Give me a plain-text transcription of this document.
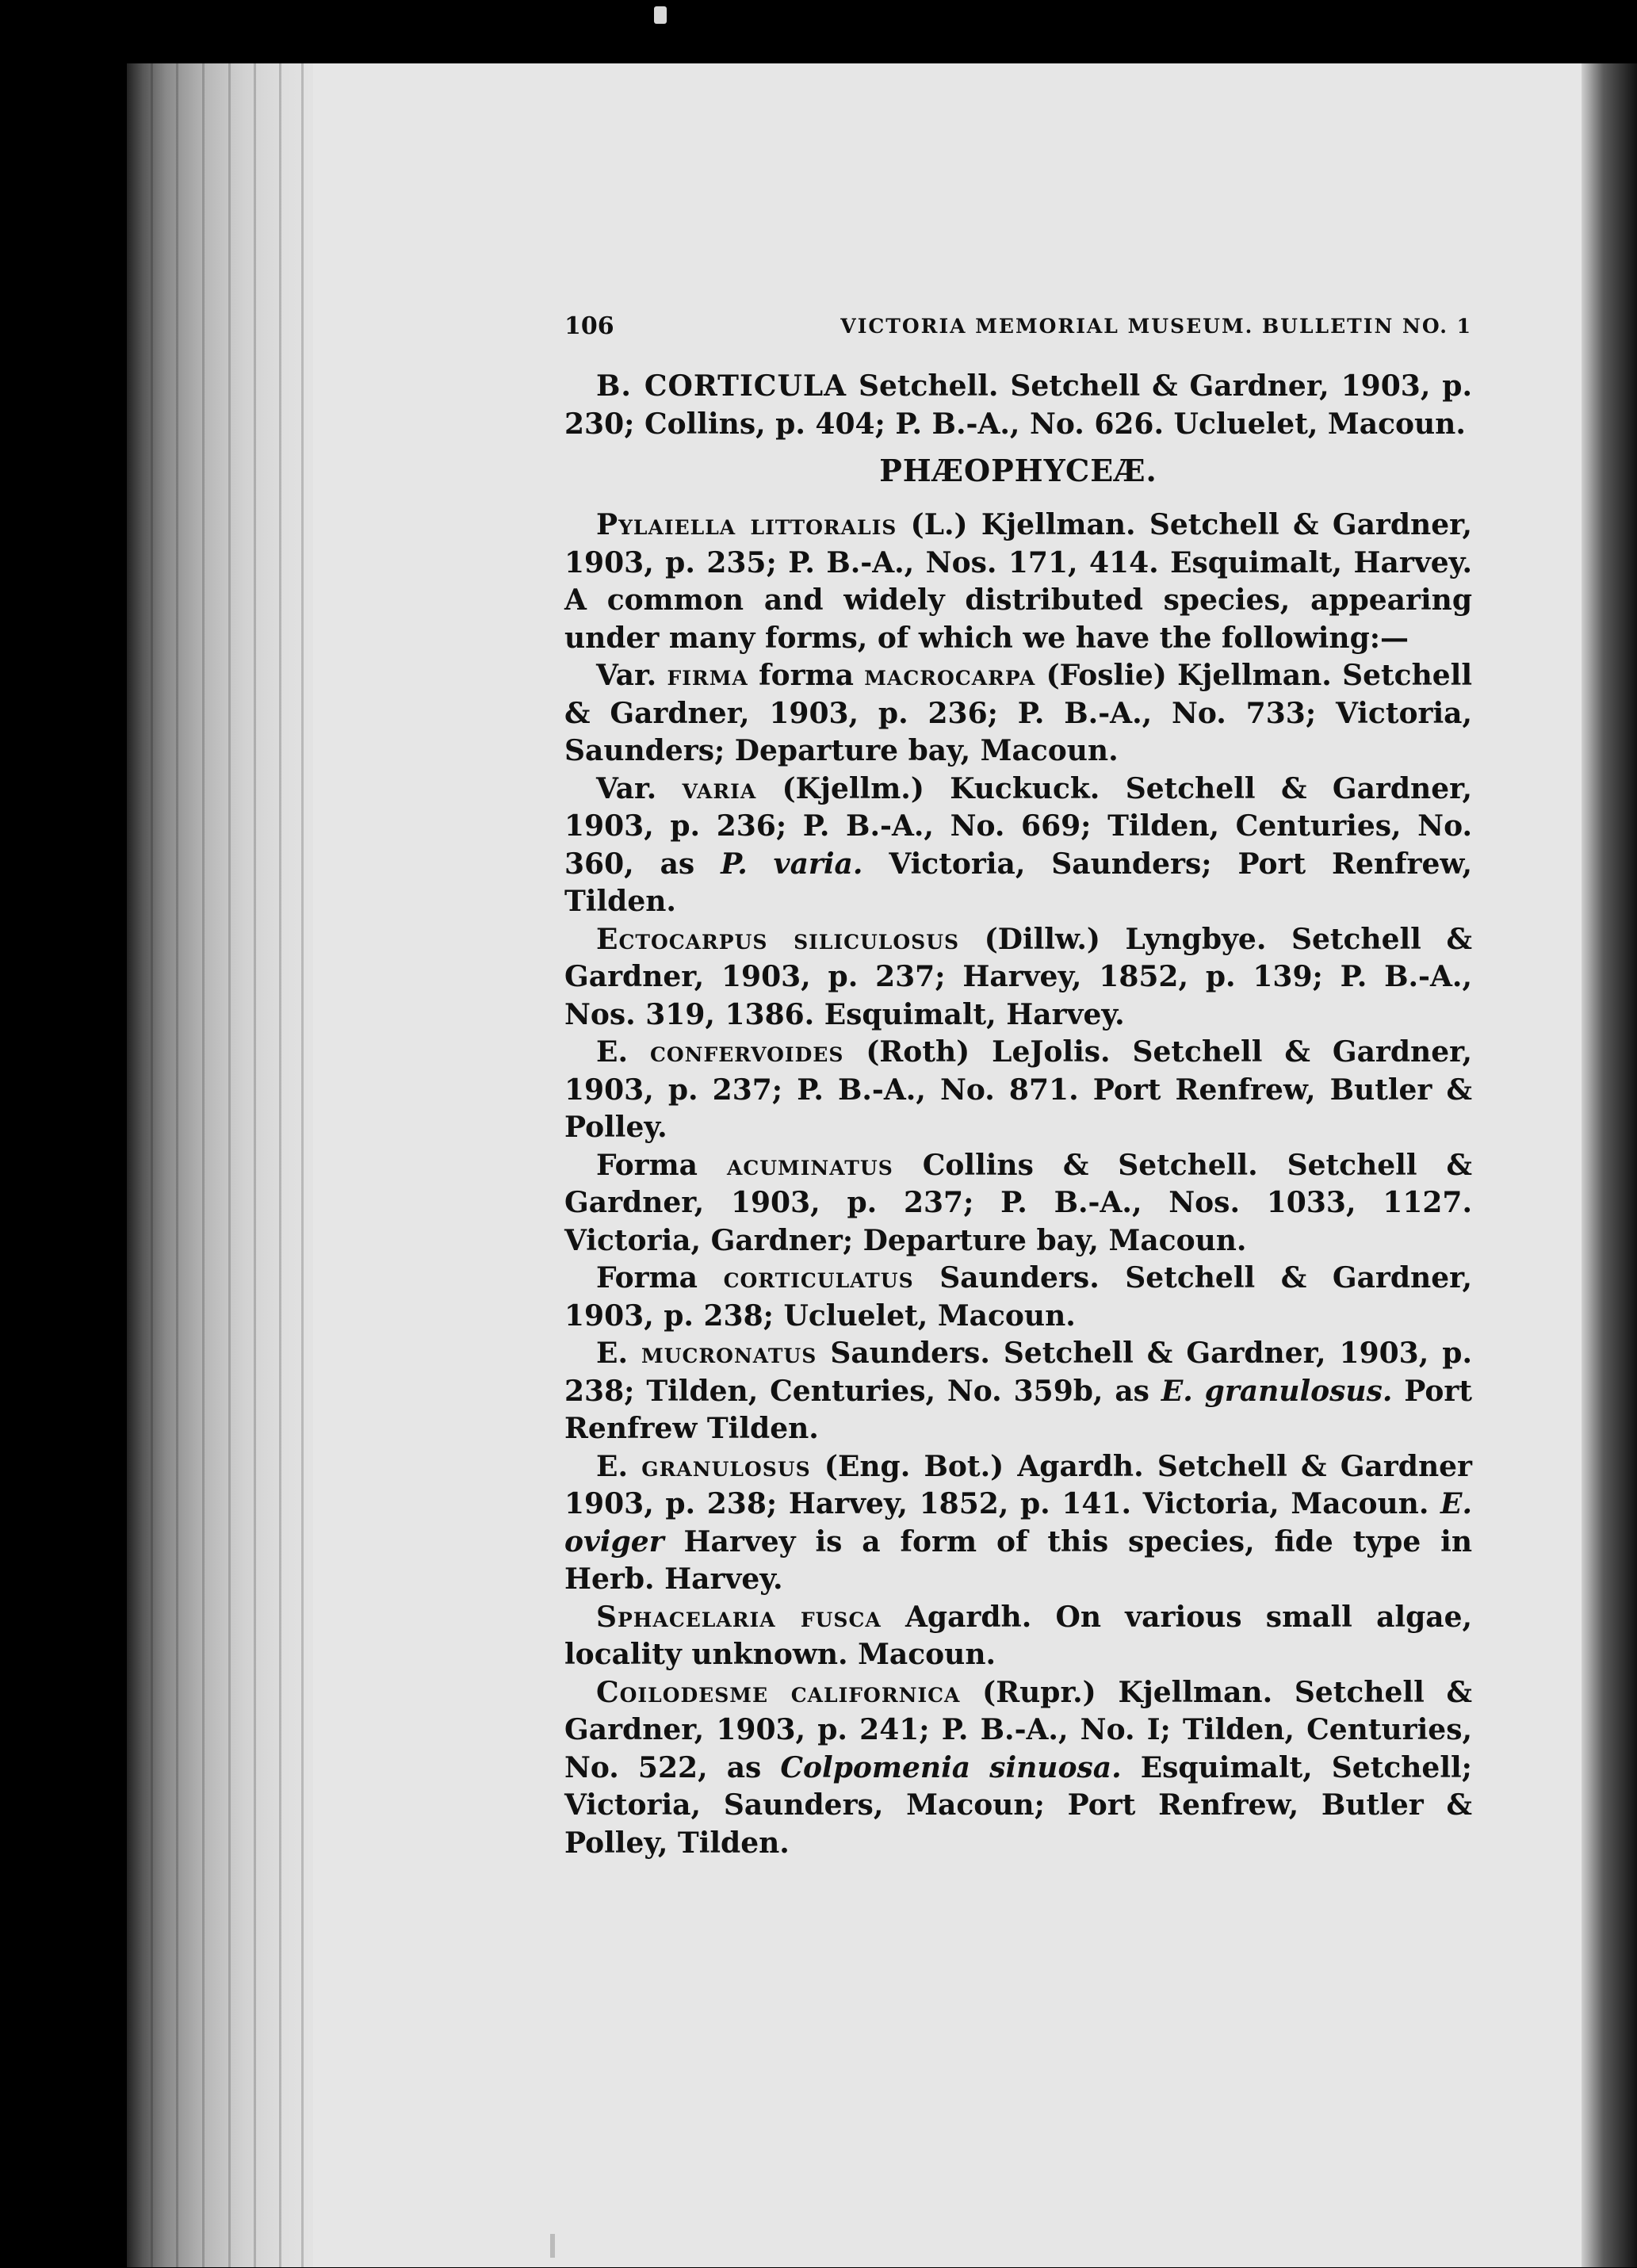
106	VICTORIA MEMORIAL MUSEUM. BULLETIN NO. 1

B. CORTICULA Setchell. Setchell & Gardner, 1903, p. 230; Collins, p. 404; P. B.-A., No. 626. Ucluelet, Macoun.

PHÆOPHYCEÆ.

Pylaiella littoralis (L.) Kjellman. Setchell & Gardner, 1903, p. 235; P. B.-A., Nos. 171, 414. Esquimalt, Harvey. A common and widely distributed species, appearing under many forms, of which we have the following:—

Var. firma forma macrocarpa (Foslie) Kjellman. Setchell & Gardner, 1903, p. 236; P. B.-A., No. 733; Victoria, Saunders; Departure bay, Macoun.

Var. varia (Kjellm.) Kuckuck. Setchell & Gardner, 1903, p. 236; P. B.-A., No. 669; Tilden, Centuries, No. 360, as P. varia. Victoria, Saunders; Port Renfrew, Tilden.

Ectocarpus siliculosus (Dillw.) Lyngbye. Setchell & Gardner, 1903, p. 237; Harvey, 1852, p. 139; P. B.-A., Nos. 319, 1386. Esquimalt, Harvey.

E. confervoides (Roth) LeJolis. Setchell & Gardner, 1903, p. 237; P. B.-A., No. 871. Port Renfrew, Butler & Polley.

Forma acuminatus Collins & Setchell. Setchell & Gardner, 1903, p. 237; P. B.-A., Nos. 1033, 1127. Victoria, Gardner; Departure bay, Macoun.

Forma corticulatus Saunders. Setchell & Gardner, 1903, p. 238; Ucluelet, Macoun.

E. mucronatus Saunders. Setchell & Gardner, 1903, p. 238; Tilden, Centuries, No. 359b, as E. granulosus. Port Renfrew Tilden.

E. granulosus (Eng. Bot.) Agardh. Setchell & Gardner 1903, p. 238; Harvey, 1852, p. 141. Victoria, Macoun. E. oviger Harvey is a form of this species, fide type in Herb. Harvey.

Sphacelaria fusca Agardh. On various small algae, locality unknown. Macoun.

Coilodesme californica (Rupr.) Kjellman. Setchell & Gardner, 1903, p. 241; P. B.-A., No. I; Tilden, Centuries, No. 522, as Colpomenia sinuosa. Esquimalt, Setchell; Victoria, Saunders, Macoun; Port Renfrew, Butler & Polley, Tilden.
